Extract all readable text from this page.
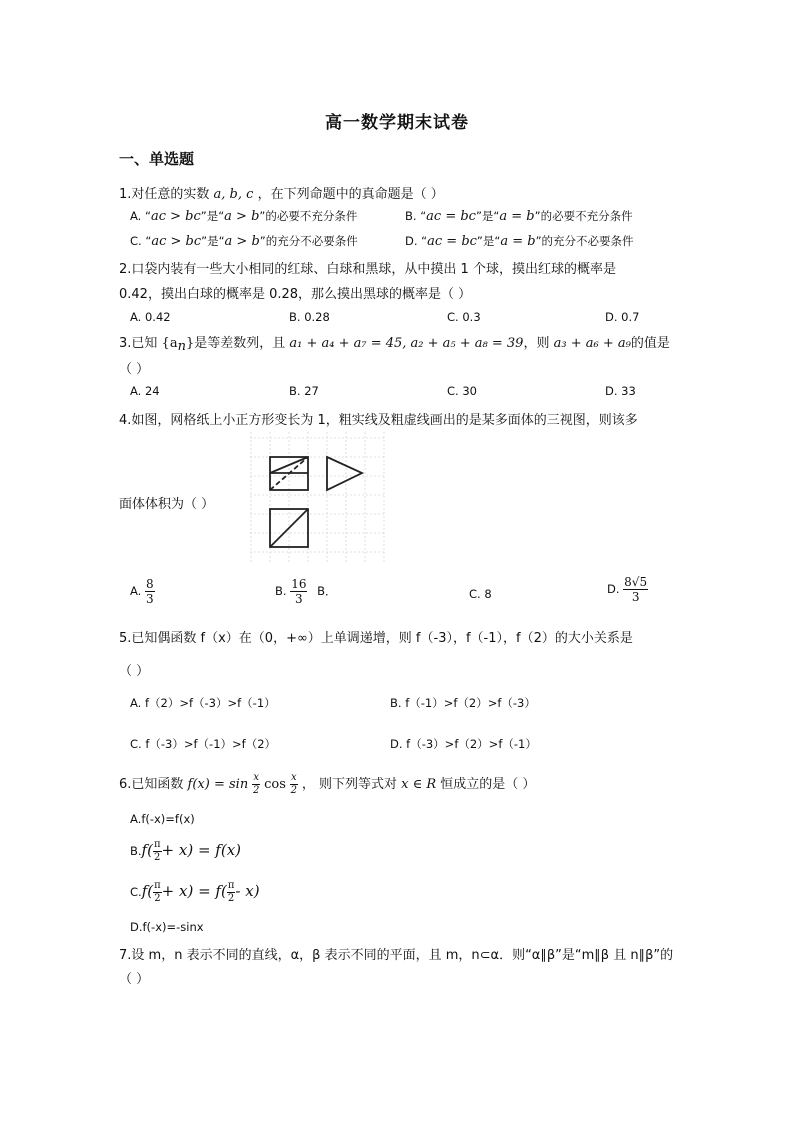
高一数学期末试卷
一、单选题
1.对任意的实数 a, b, c ，在下列命题中的真命题是（ ）
A. “ac > bc”是“a > b”的必要不充分条件	B. “ac = bc”是“a = b”的必要不充分条件
C. “ac > bc”是“a > b”的充分不必要条件	D. “ac = bc”是“a = b”的充分不必要条件
2.口袋内装有一些大小相同的红球、白球和黑球，从中摸出 1 个球，摸出红球的概率是
0.42，摸出白球的概率是 0.28，那么摸出黑球的概率是（ ）
A. 0.42	B. 0.28	C. 0.3	D. 0.7
3.已知 $\{a_n\}$是等差数列，且 a₁ + a₄ + a₇ = 45, a₂ + a₅ + a₈ = 39，则 a₃ + a₆ + a₉的值是
（ ）
A. 24	B. 27	C. 30	D. 33
4.如图，网格纸上小正方形变长为 1，粗实线及粗虚线画出的是某多面体的三视图，则该多
面体体积为（ ）
A. $\frac{8}{3}$	B. $\frac{16}{3}$ B．	C. 8	D. $\frac{8√5}{3}$
5.已知偶函数 f（x）在（0，+∞）上单调递增，则 f（-3），f（-1），f（2）的大小关系是
（ ）
A. f（2）>f（-3）>f（-1）	B. f（-1）>f（2）>f（-3）
C. f（-3）>f（-1）>f（2）	D. f（-3）>f（2）>f（-1）
6.已知函数 $f(x) = \sin \frac{x}{2}$ $\cos \frac{x}{2}$ ， 则下列等式对 x ∈ R 恒成立的是（ ）
A.f(-x)=f(x)
$B.f( \frac{\pi}{2} + x) = f(x)$
$C.f( \frac{\pi}{2} + x) = f( \frac{\pi}{2} - x)$
D.f(-x)=-sinx
7.设 m，n 表示不同的直线，α，β 表示不同的平面，且 m，n⊂α．则“α∥β”是“m∥β 且 n∥β”的
（ ）
